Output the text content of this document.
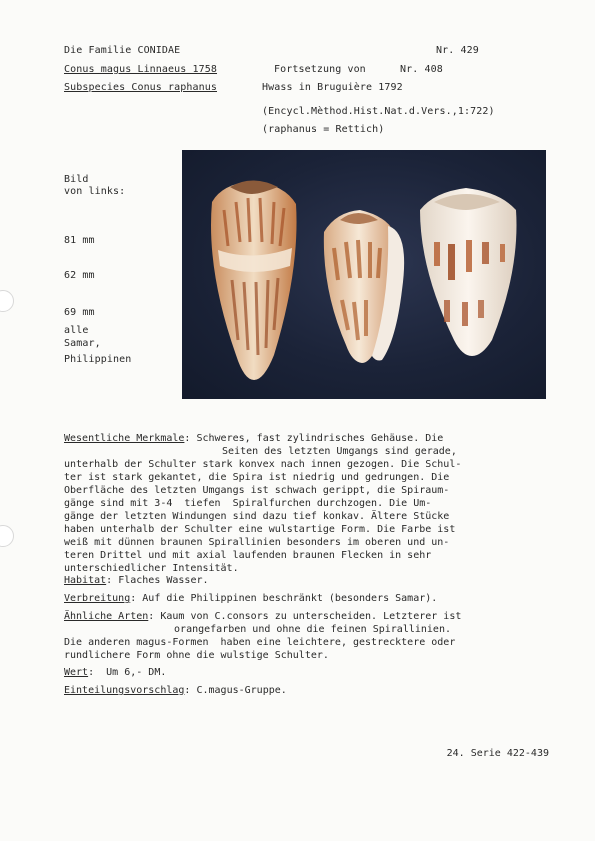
Die Familie CONIDAE	Nr. 429
Conus magus Linnaeus 1758	Fortsetzung von	Nr. 408
Subspecies Conus raphanus	Hwass in Bruguière 1792
(Encycl.Mèthod.Hist.Nat.d.Vers.,1:722)
(raphanus = Rettich)
Bild
von links:
81 mm
62 mm
69 mm
alle
Samar,
Philippinen
Wesentliche Merkmale: Schweres, fast zylindrisches Gehäuse. Die
Seiten des letzten Umgangs sind gerade,
unterhalb der Schulter stark konvex nach innen gezogen. Die Schul-
ter ist stark gekantet, die Spira ist niedrig und gedrungen. Die
Oberfläche des letzten Umgangs ist schwach gerippt, die Spiraum-
gänge sind mit 3-4  tiefen  Spiralfurchen durchzogen. Die Um-
gänge der letzten Windungen sind dazu tief konkav. Ältere Stücke
haben unterhalb der Schulter eine wulstartige Form. Die Farbe ist
weiß mit dünnen braunen Spirallinien besonders im oberen und un-
teren Drittel und mit axial laufenden braunen Flecken in sehr
unterschiedlicher Intensität.
Habitat: Flaches Wasser.
Verbreitung: Auf die Philippinen beschränkt (besonders Samar).
Ähnliche Arten: Kaum von C.consors zu unterscheiden. Letzterer ist
orangefarben und ohne die feinen Spirallinien.
Die anderen magus-Formen  haben eine leichtere, gestrecktere oder
rundlichere Form ohne die wulstige Schulter.
Wert:  Um 6,- DM.
Einteilungsvorschlag: C.magus-Gruppe.
24. Serie 422-439
